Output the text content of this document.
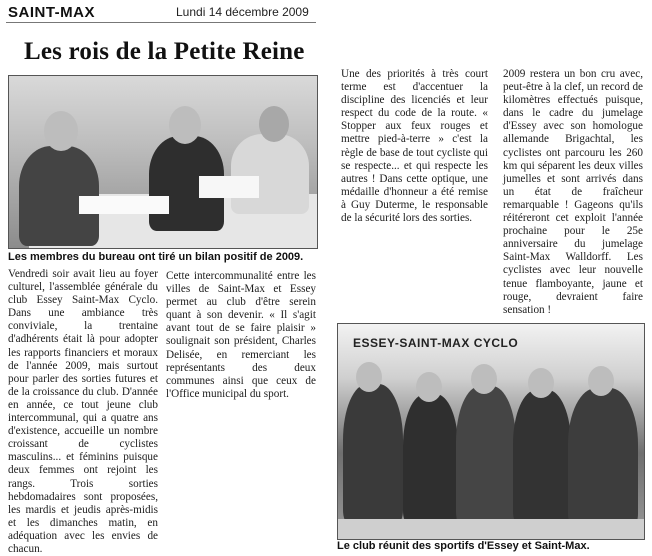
SAINT-MAX	Lundi 14 décembre 2009
Les rois de la Petite Reine
Les membres du bureau ont tiré un bilan positif de 2009.
Vendredi soir avait lieu au foyer culturel, l'assemblée générale du club Essey Saint-Max Cyclo. Dans une ambiance très conviviale, la trentaine d'adhérents était là pour adopter les rapports financiers et moraux de l'année 2009, mais surtout pour parler des sorties futures et de la croissance du club. D'année en année, ce tout jeune club intercommunal, qui a quatre ans d'existence, accueille un nombre croissant de cyclistes masculins... et féminins puisque deux femmes ont rejoint les rangs. Trois sorties hebdomadaires sont proposées, les mardis et jeudis après-midis et les dimanches matin, en adéquation avec les envies de chacun.
Cette intercommunalité entre les villes de Saint-Max et Essey permet au club d'être serein quant à son devenir. « Il s'agit avant tout de se faire plaisir » soulignait son président, Charles Delisée, en remerciant les représentants des deux communes ainsi que ceux de l'Office municipal du sport.
Une des priorités à très court terme est d'accentuer la discipline des licenciés et leur respect du code de la route. « Stopper aux feux rouges et mettre pied-à-terre » c'est la règle de base de tout cycliste qui se respecte... et qui respecte les autres ! Dans cette optique, une médaille d'honneur a été remise à Guy Duterme, le responsable de la sécurité lors des sorties.
2009 restera un bon cru avec, peut-être à la clef, un record de kilomètres effectués puisque, dans le cadre du jumelage d'Essey avec son homologue allemande Brigachtal, les cyclistes ont parcouru les 260 km qui séparent les deux villes jumelles et sont arrivés dans un état de fraîcheur remarquable ! Gageons qu'ils réitéreront cet exploit l'année prochaine pour le 25e anniversaire du jumelage Saint-Max Walldorff. Les cyclistes avec leur nouvelle tenue flamboyante, jaune et rouge, devraient faire sensation !
ESSEY-SAINT-MAX CYCLO
Le club réunit des sportifs d'Essey et Saint-Max.
